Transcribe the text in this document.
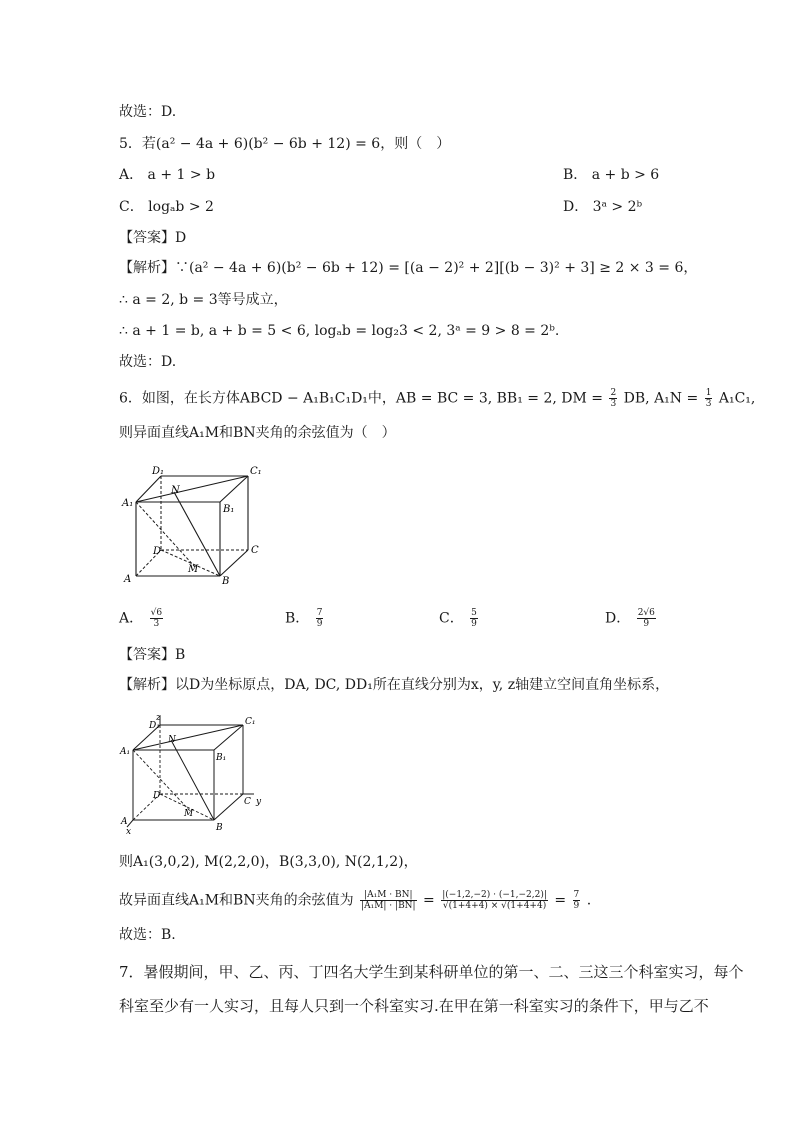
故选：D.
5．若(a² − 4a + 6)(b² − 6b + 12) = 6，则（　）
A． a + 1 > b	B． a + b > 6
C． logₐb > 2	D． 3ᵃ > 2ᵇ
【答案】D
【解析】∵(a² − 4a + 6)(b² − 6b + 12) = [(a − 2)² + 2][(b − 3)² + 3] ≥ 2 × 3 = 6，
∴ a = 2, b = 3等号成立，
∴ a + 1 = b, a + b = 5 < 6, logₐb = log₂3 < 2, 3ᵃ = 9 > 8 = 2ᵇ.
故选：D.
6．如图，在长方体ABCD − A₁B₁C₁D₁中，AB = BC = 3, BB₁ = 2, DM = $\frac{2}{3}$ DB, $A_1N = \frac{1}{3} A_1C_1$,
则异面直线A₁M和BN夹角的余弦值为（　）
A	B
C
D
A₁
B₁
C₁
D₁
M
N
A． $\frac{√6}{3}$	B． $\frac{7}{9}$	C． $\frac{5}{9}$	D． $\frac{2√6}{9}$
【答案】B
【解析】以D为坐标原点，DA, DC, DD₁所在直线分别为x，y, z轴建立空间直角坐标系，
A
B
C
D
A₁
B₁
C₁
D₁
M
N
y
x
z
则A₁(3,0,2), M(2,2,0)，B(3,3,0), N(2,1,2)，
故异面直线A₁M和BN夹角的余弦值为 $\frac{\text{|A₁M · BN|}}{\text{|A₁M| · |BN|}} = \frac{|(-1,2,-2) \cdot (-1,-2,2)|}{√(1+4+4) \times √(1+4+4)} = \frac{7}{9}$ .
故选：B.
7．暑假期间，甲、乙、丙、丁四名大学生到某科研单位的第一、二、三这三个科室实习，每个
科室至少有一人实习，且每人只到一个科室实习.在甲在第一科室实习的条件下，甲与乙不
